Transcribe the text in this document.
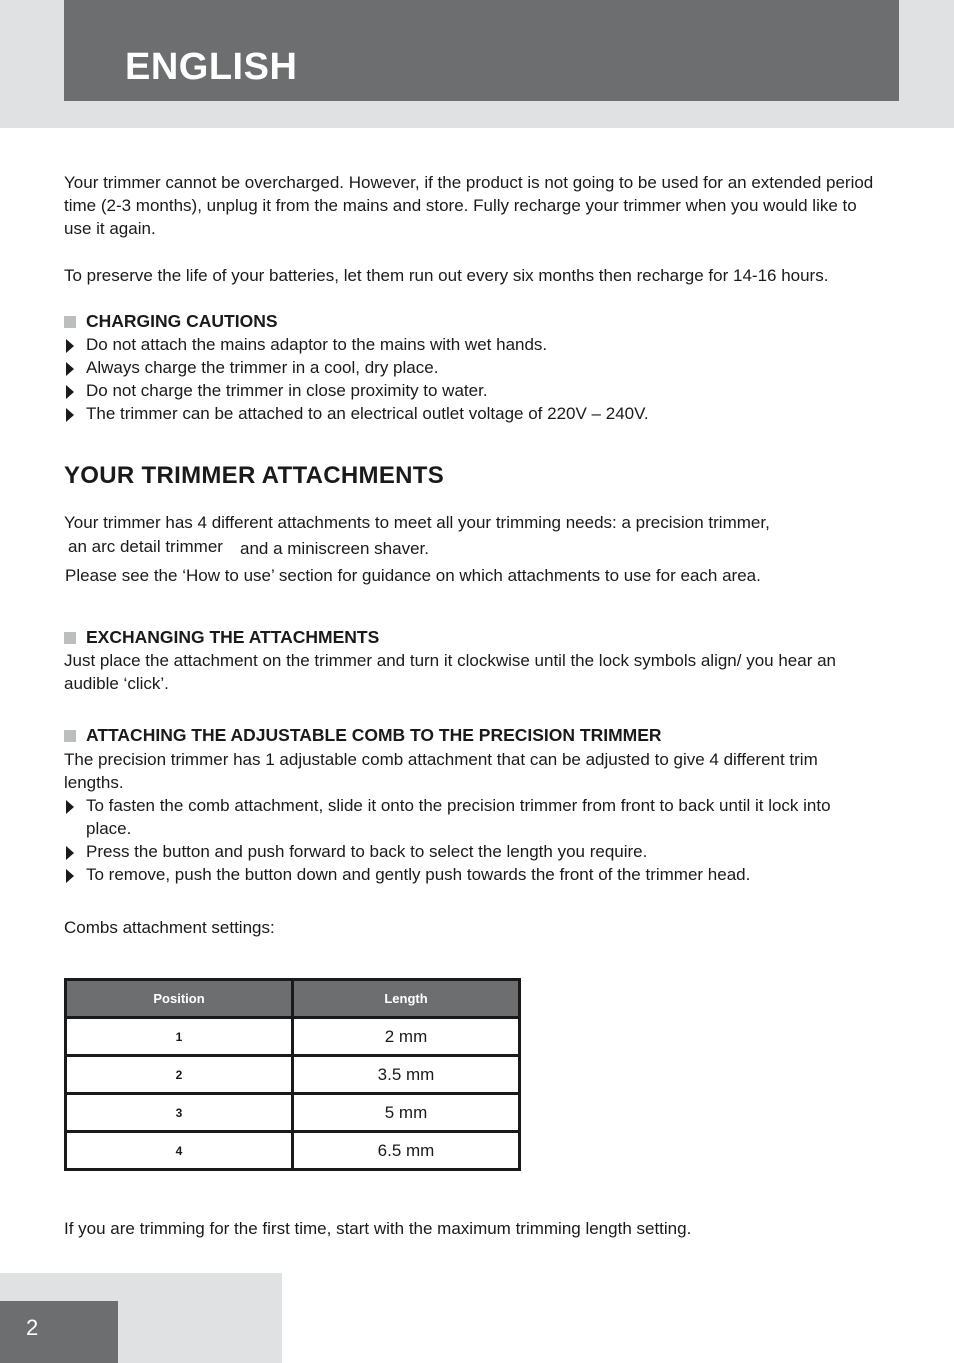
ENGLISH

Your trimmer cannot be overcharged. However, if the product is not going to be used for an extended period time (2-3 months), unplug it from the mains and store. Fully recharge your trimmer when you would like to use it again.

To preserve the life of your batteries, let them run out every six months then recharge for 14-16 hours.

CHARGING CAUTIONS
Do not attach the mains adaptor to the mains with wet hands.
Always charge the trimmer in a cool, dry place.
Do not charge the trimmer in close proximity to water.
The trimmer can be attached to an electrical outlet voltage of 220V – 240V.
YOUR TRIMMER ATTACHMENTS

Your trimmer has 4 different attachments to meet all your trimming needs: a precision trimmer,

an arc detail trimmer and a miniscreen shaver.

Please see the ‘How to use’ section for guidance on which attachments to use for each area.

EXCHANGING THE ATTACHMENTS

Just place the attachment on the trimmer and turn it clockwise until the lock symbols align/ you hear an audible ‘click’.

ATTACHING THE ADJUSTABLE COMB TO THE PRECISION TRIMMER

The precision trimmer has 1 adjustable comb attachment that can be adjusted to give 4 different trim lengths.

To fasten the comb attachment, slide it onto the precision trimmer from front to back until it lock into place.
Press the button and push forward to back to select the length you require.
To remove, push the button down and gently push towards the front of the trimmer head.

Combs attachment settings:

Position	Length
1	2 mm
2	3.5 mm
3	5 mm
4	6.5 mm

If you are trimming for the first time, start with the maximum trimming length setting.

2
